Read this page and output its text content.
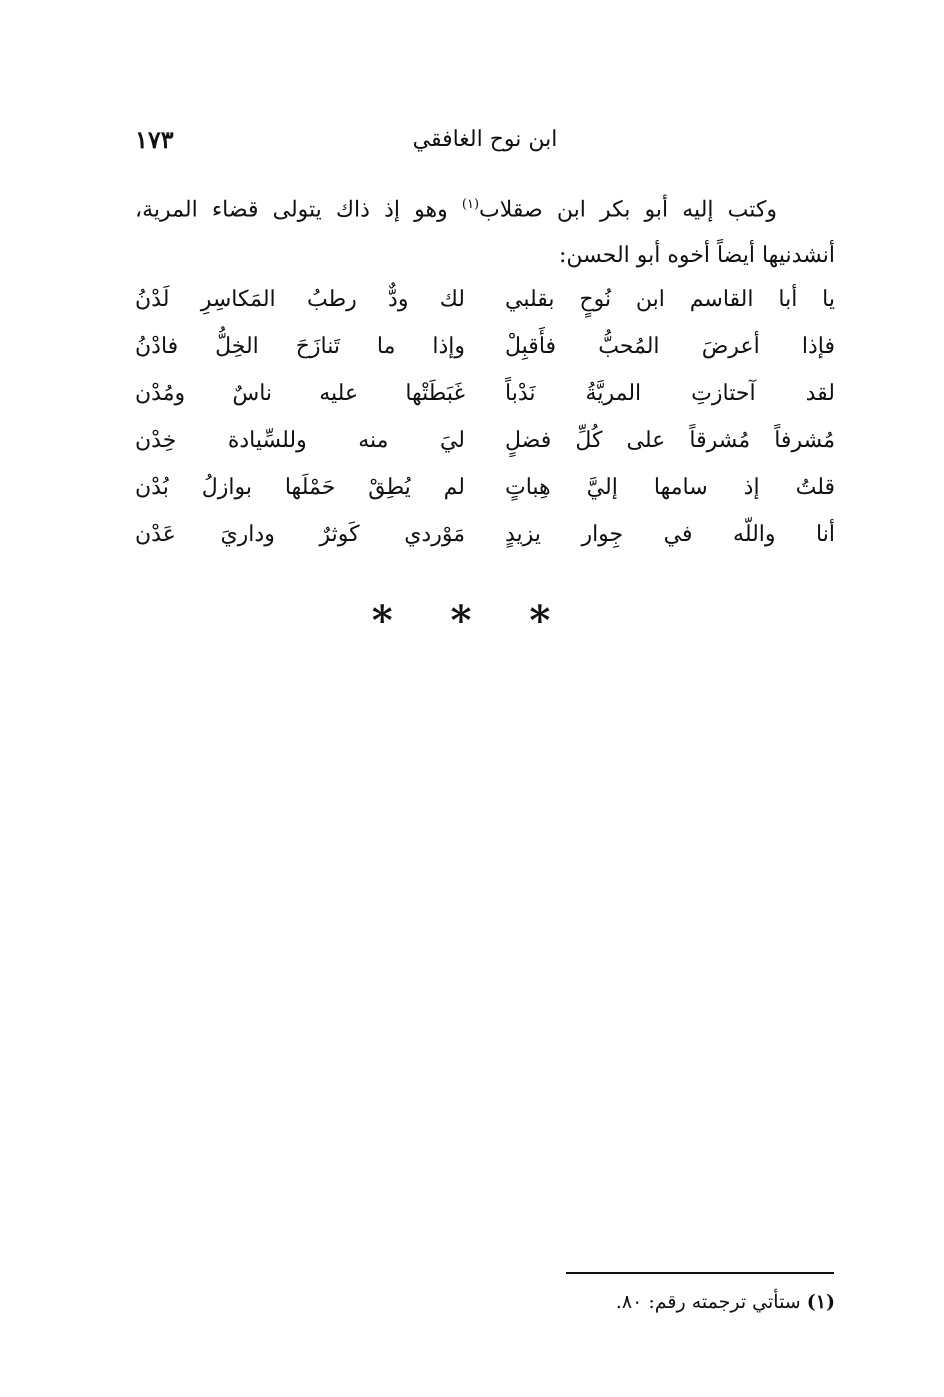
ابن نوح الغافقي
١٧٣

وكتب إليه أبو بكر ابن صقلاب$^{(١)}$ وهو إذ ذاك يتولى قضاء المرية،

أنشدنيها أيضاً أخوه أبو الحسن:

يا أبا القاسم ابن نُوحٍ بقلبي
لك ودٌّ رطبُ المَكاسِرِ لَدْنُ
فإذا أعرضَ المُحبُّ فأَقبِلْ
وإذا ما تَنازَحَ الخِلُّ فادْنُ
لقد آحتازتِ المريَّةُ نَدْباً
غَبَطَتْها عليه ناسٌ ومُدْن
مُشرفاً مُشرقاً على كُلِّ فضلٍ
ليَ منه وللسِّيادة خِدْن
قلتُ إذ سامها إليَّ هِباتٍ
لم يُطِقْ حَمْلَها بوازلُ بُدْن
أنا واللّه في جِوار يزيدٍ
مَوْردي كَوثرٌ وداريَ عَدْن
* * *
(١) ستأتي ترجمته رقم: ٨٠.
